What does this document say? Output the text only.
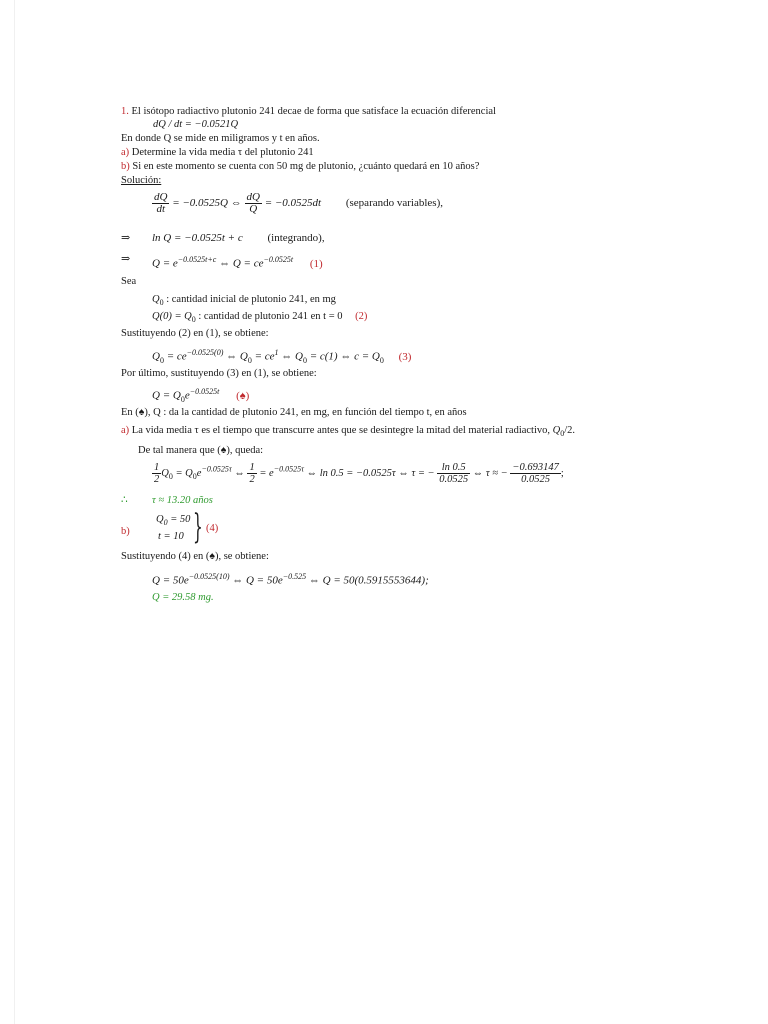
1. El isótopo radiactivo plutonio 241 decae de forma que satisface la ecuación diferencial
dQ / dt = −0.0521Q
En donde Q se mide en miligramos y t en años.
a) Determine la vida media τ del plutonio 241
b) Si en este momento se cuenta con 50 mg de plutonio, ¿cuánto quedará en 10 años?
Solución:
$\frac{dQ}{dt} = -0.0525Q$ ⇔ $\frac{dQ}{Q} = -0.0525dt$ (separando variables),
⇒ ln Q = −0.0525t + c (integrando),
⇒ $Q = e^{-0.0525t+c}$ ⇔ $Q = ce^{-0.0525t}$ (1)
Sea
$Q_0$ : cantidad inicial de plutonio 241, en mg
$Q(0) = Q_0$ : cantidad de plutonio 241 en t = 0 (2)
Sustituyendo (2) en (1), se obtiene:
$Q_0 = ce^{-0.0525(0)}$ ⇔ $Q_0 = ce^1$ ⇔ $Q_0 = c(1)$ ⇔ $c = Q_0$ (3)
Por último, sustituyendo (3) en (1), se obtiene:
$Q = Q_0e^{-0.0525t}$ (♠)
En (♠), Q : da la cantidad de plutonio 241, en mg, en función del tiempo t, en años
a) La vida media τ es el tiempo que transcurre antes que se desintegre la mitad del material radiactivo, $Q_0/2$.
De tal manera que (♠), queda:
$\frac{1}{2} Q_0 = Q_0e^{-0.0525\tau}$ ⇔ $\frac{1}{2} = e^{-0.0525\tau}$ ⇔ ln 0.5 = −0.0525τ ⇔ τ = − $\frac{\ln 0.5}{0.0525}$ ⇔ τ ≈ − $\frac{-0.693147}{0.0525}$ ;
∴ τ ≈ 13.20 años
b)
$Q_0 = 50$
t = 10 } (4)
Sustituyendo (4) en (♠), se obtiene:
$Q = 50e^{-0.0525(10)}$ ⇔ $Q = 50e^{-0.525}$ ⇔ Q = 50(0.5915553644);
Q = 29.58 mg.
